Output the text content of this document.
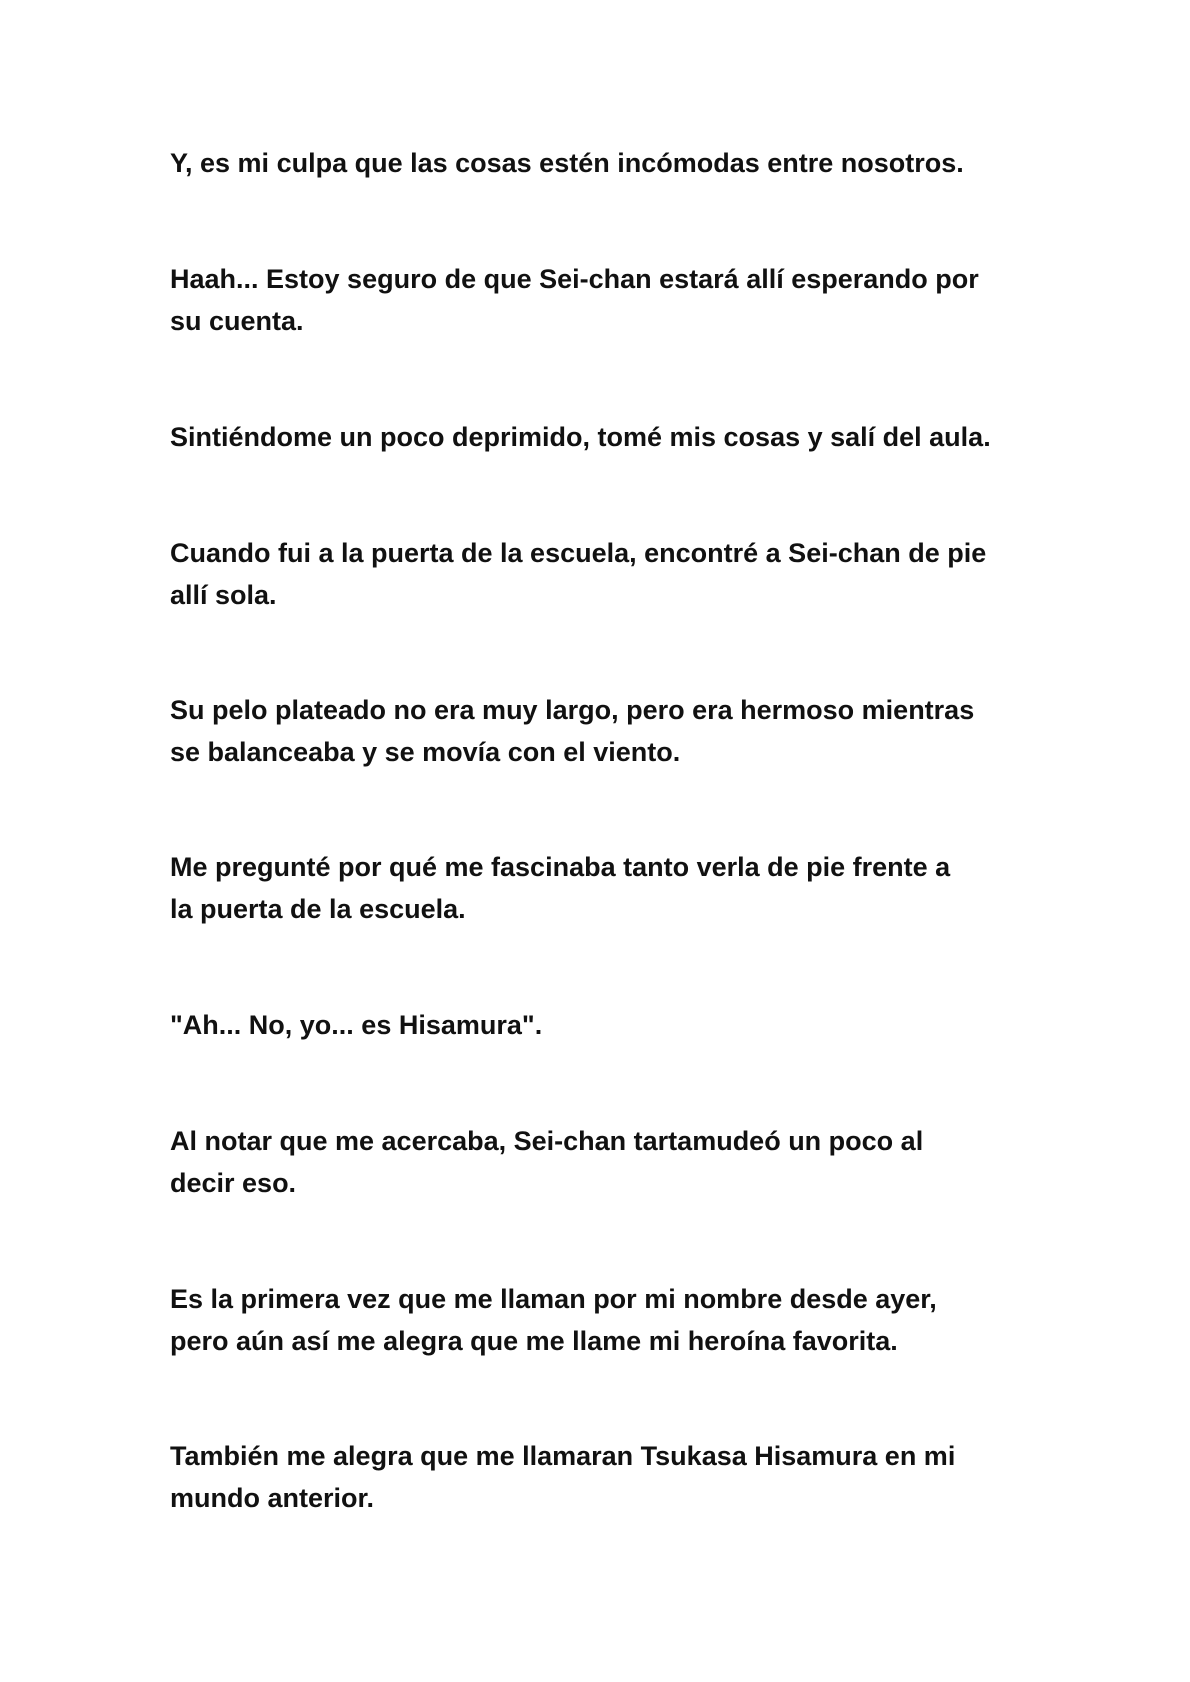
Y, es mi culpa que las cosas estén incómodas entre nosotros.

Haah... Estoy seguro de que Sei-chan estará allí esperando por
su cuenta.

Sintiéndome un poco deprimido, tomé mis cosas y salí del aula.

Cuando fui a la puerta de la escuela, encontré a Sei-chan de pie
allí sola.

Su pelo plateado no era muy largo, pero era hermoso mientras
se balanceaba y se movía con el viento.

Me pregunté por qué me fascinaba tanto verla de pie frente a
la puerta de la escuela.

"Ah... No, yo... es Hisamura".

Al notar que me acercaba, Sei-chan tartamudeó un poco al
decir eso.

Es la primera vez que me llaman por mi nombre desde ayer,
pero aún así me alegra que me llame mi heroína favorita.

También me alegra que me llamaran Tsukasa Hisamura en mi
mundo anterior.
